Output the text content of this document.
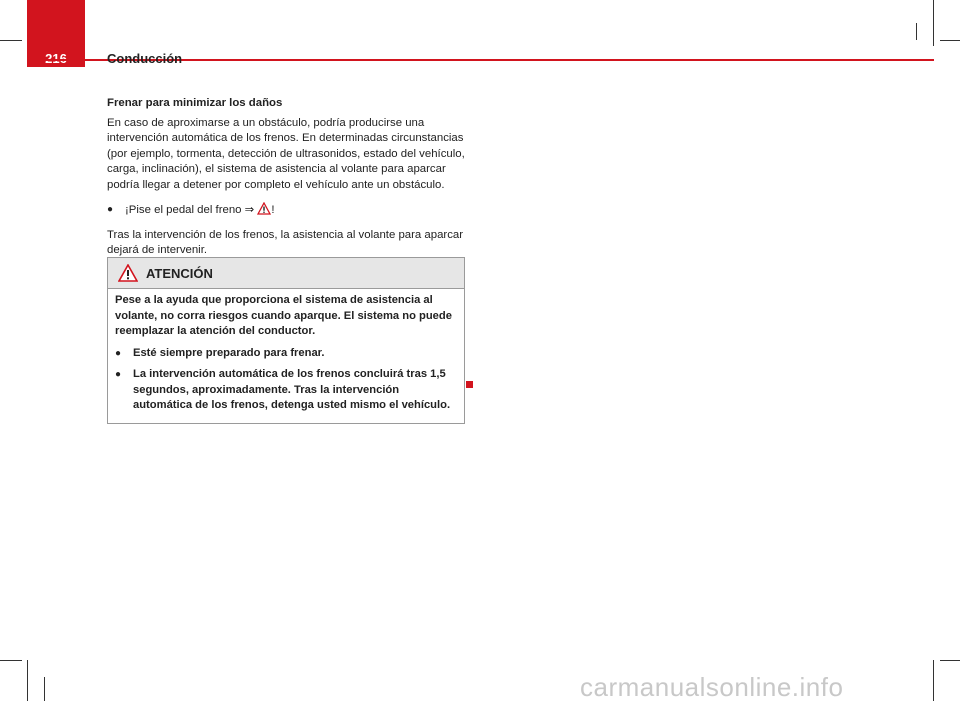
Conducción

Frenar para minimizar los daños

En caso de aproximarse a un obstáculo, podría producirse una intervención automática de los frenos. En determinadas circunstancias (por ejemplo, tormenta, detección de ultrasonidos, estado del vehículo, carga, inclinación), el sistema de asistencia al volante para aparcar podría llegar a detener por completo el vehículo ante un obstáculo.

●	¡Pise el pedal del freno ⇒ !

Tras la intervención de los frenos, la asistencia al volante para aparcar dejará de intervenir.

ATENCIÓN

Pese a la ayuda que proporciona el sistema de asistencia al volante, no corra riesgos cuando aparque. El sistema no puede reemplazar la atención del conductor.

●	Esté siempre preparado para frenar.
●	La intervención automática de los frenos concluirá tras 1,5 segundos, aproximadamente. Tras la intervención automática de los frenos, detenga usted mismo el vehículo.
carmanualsonline.info
